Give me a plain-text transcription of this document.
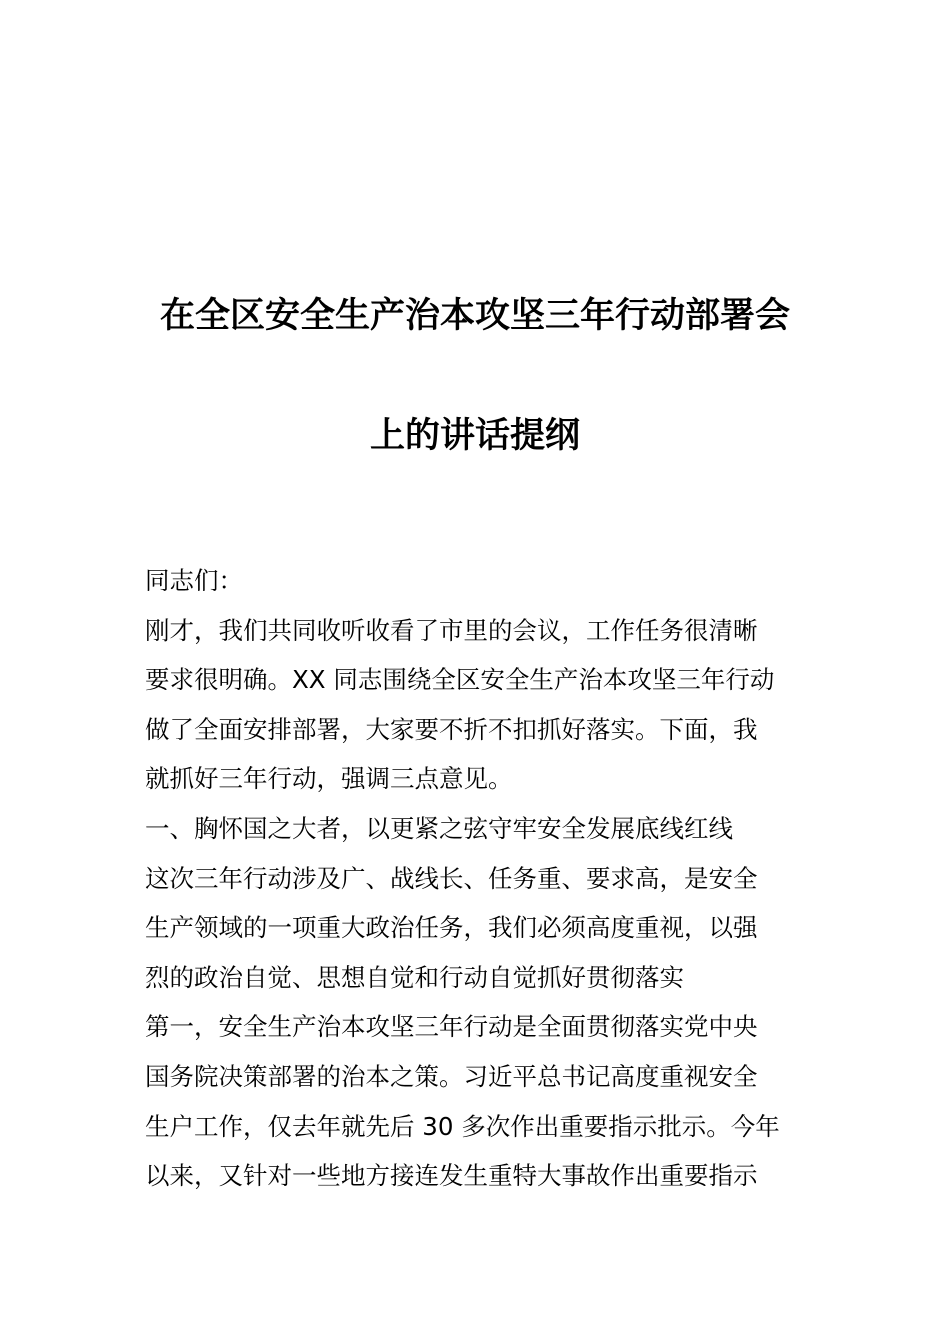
在全区安全生产治本攻坚三年行动部署会
上的讲话提纲
同志们：
刚才，我们共同收听收看了市里的会议，工作任务很清晰
要求很明确。XX 同志围绕全区安全生产治本攻坚三年行动
做了全面安排部署，大家要不折不扣抓好落实。下面，我
就抓好三年行动，强调三点意见。
一、胸怀国之大者，以更紧之弦守牢安全发展底线红线
这次三年行动涉及广、战线长、任务重、要求高，是安全
生产领域的一项重大政治任务，我们必须高度重视，以强
烈的政治自觉、思想自觉和行动自觉抓好贯彻落实
第一，安全生产治本攻坚三年行动是全面贯彻落实党中央
国务院决策部署的治本之策。习近平总书记高度重视安全
生户工作，仅去年就先后 30 多次作出重要指示批示。今年
以来，又针对一些地方接连发生重特大事故作出重要指示
